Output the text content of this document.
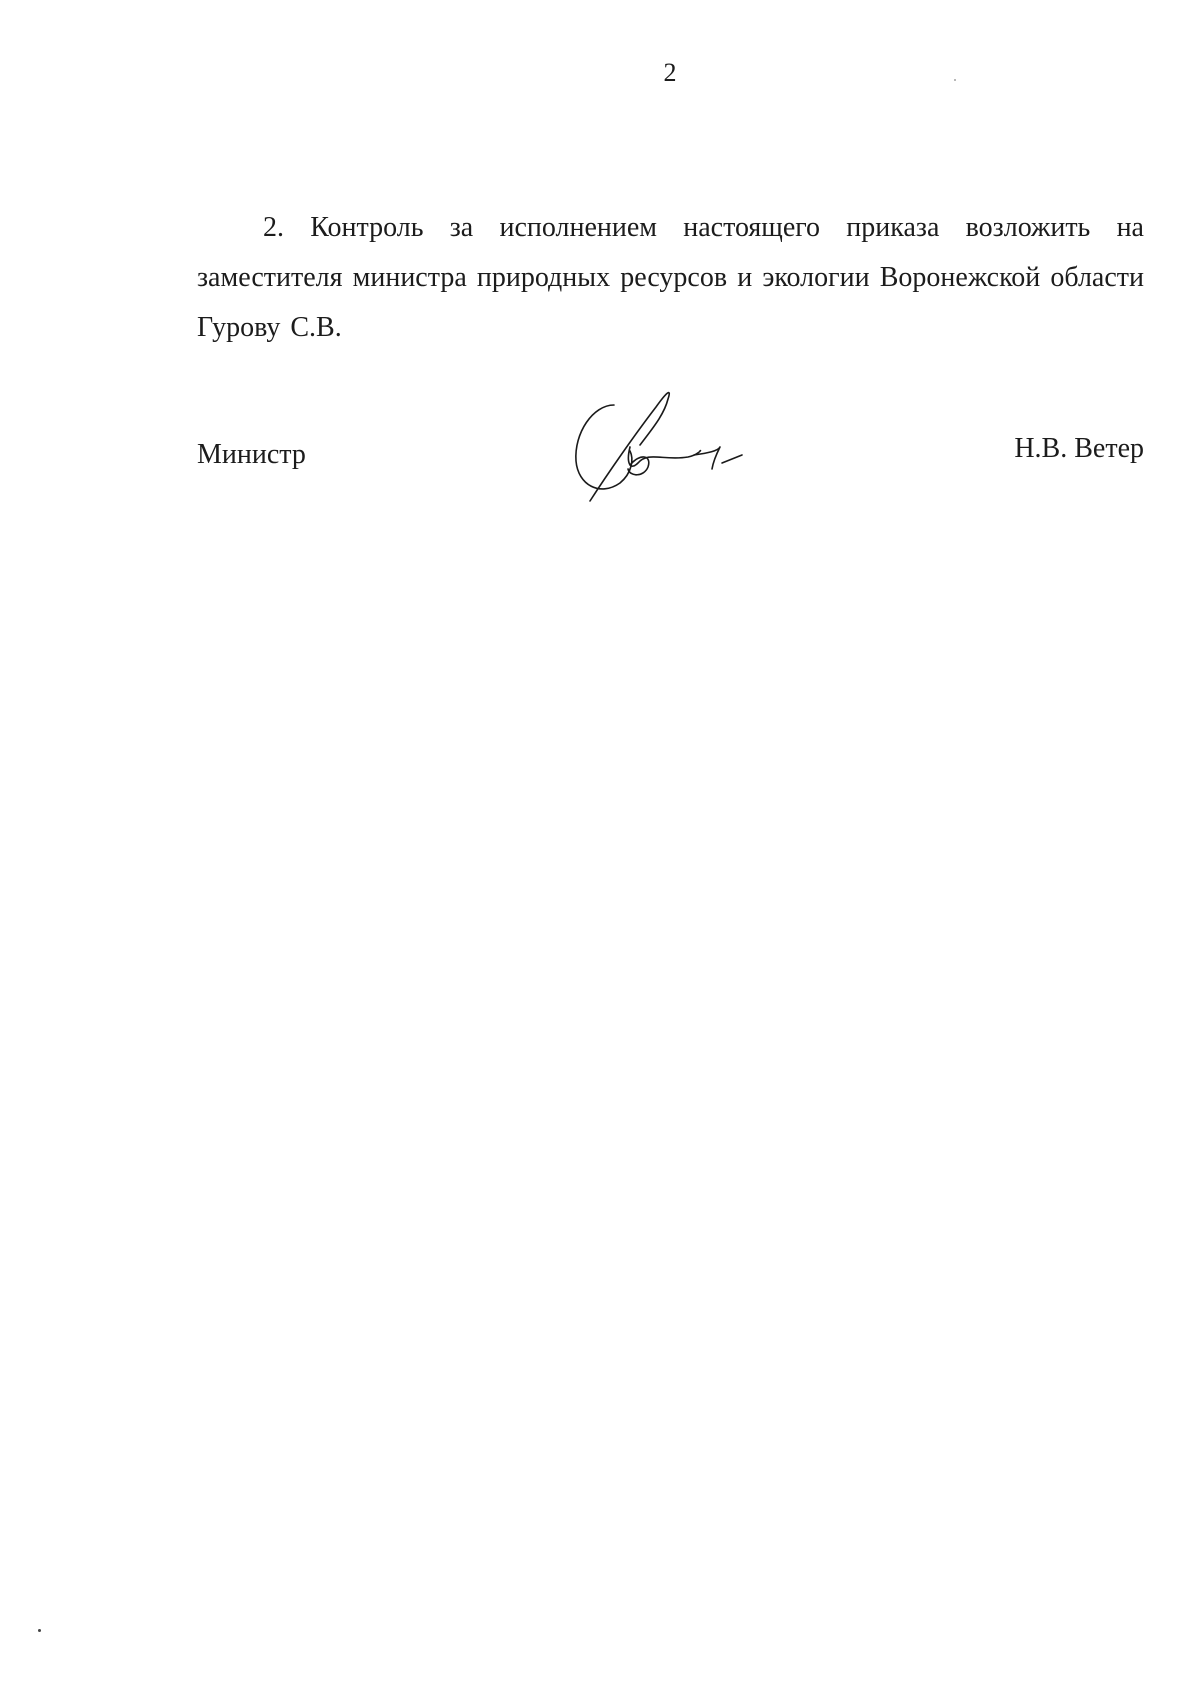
2

2. Контроль за исполнением настоящего приказа возложить на заместителя министра природных ресурсов и экологии Воронежской области Гурову С.В.

Министр	Н.В. Ветер
